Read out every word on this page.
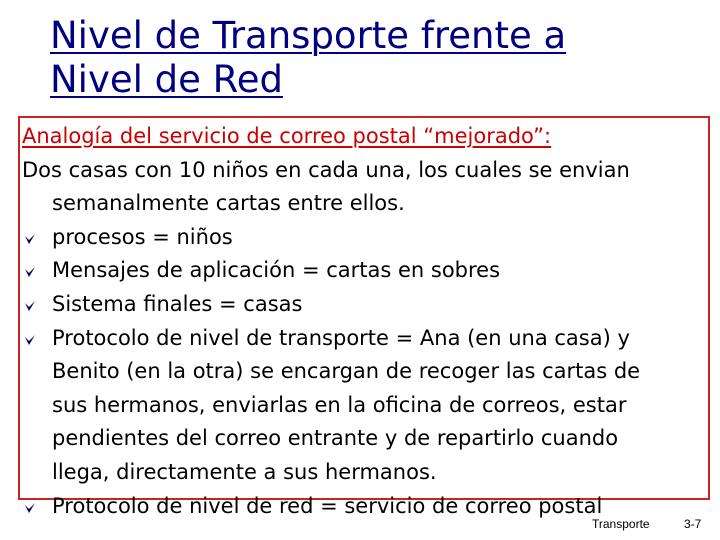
Nivel de Transporte frente a
Nivel de Red
Analogía del servicio de correo postal “mejorado”:
Dos casas con 10 niños en cada una, los cuales se envian
semanalmente cartas entre ellos.
procesos = niños
Mensajes de aplicación = cartas en sobres
Sistema finales = casas
Protocolo de nivel de transporte = Ana (en una casa) y
Benito (en la otra) se encargan de recoger las cartas de
sus hermanos, enviarlas en la oficina de correos, estar
pendientes del correo entrante y de repartirlo cuando
llega, directamente a sus hermanos.
Protocolo de nivel de red = servicio de correo postal
Transporte	3-7
